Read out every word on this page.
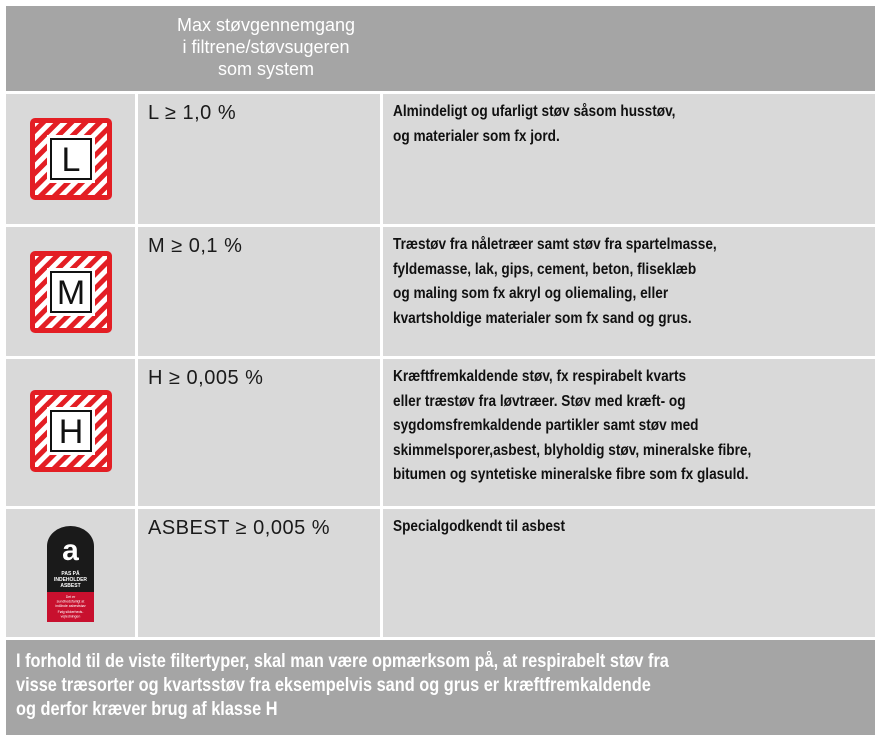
Max støvgennemgang
i filtrene/støvsugeren
som system
L
L ≥ 1,0 %	Almindeligt og ufarligt støv såsom husstøv,
og materialer som fx jord.
M
M ≥ 0,1 %	Træstøv fra nåletræer samt støv fra spartelmasse,
fyldemasse, lak, gips, cement, beton, fliseklæb
og maling som fx akryl og oliemaling, eller
kvartsholdige materialer som fx sand og grus.
H
H ≥ 0,005 %	Kræftfremkaldende støv, fx respirabelt kvarts
eller træstøv fra løvtræer. Støv med kræft- og
sygdomsfremkaldende partikler samt støv med
skimmelsporer,asbest, blyholdig støv, mineralske fibre,
bitumen og syntetiske mineralske fibre som fx glasuld.
a
PAS PÅ
INDEHOLDER
ASBEST
Det er
sundhedsfarligt at
indånde asbeststøv
Følg sikkerheds-
vejledningen
ASBEST ≥ 0,005 %	Specialgodkendt til asbest
I forhold til de viste filtertyper, skal man være opmærksom på, at respirabelt støv fra
visse træsorter og kvartsstøv fra eksempelvis sand og grus er kræftfremkaldende
og derfor kræver brug af klasse H
